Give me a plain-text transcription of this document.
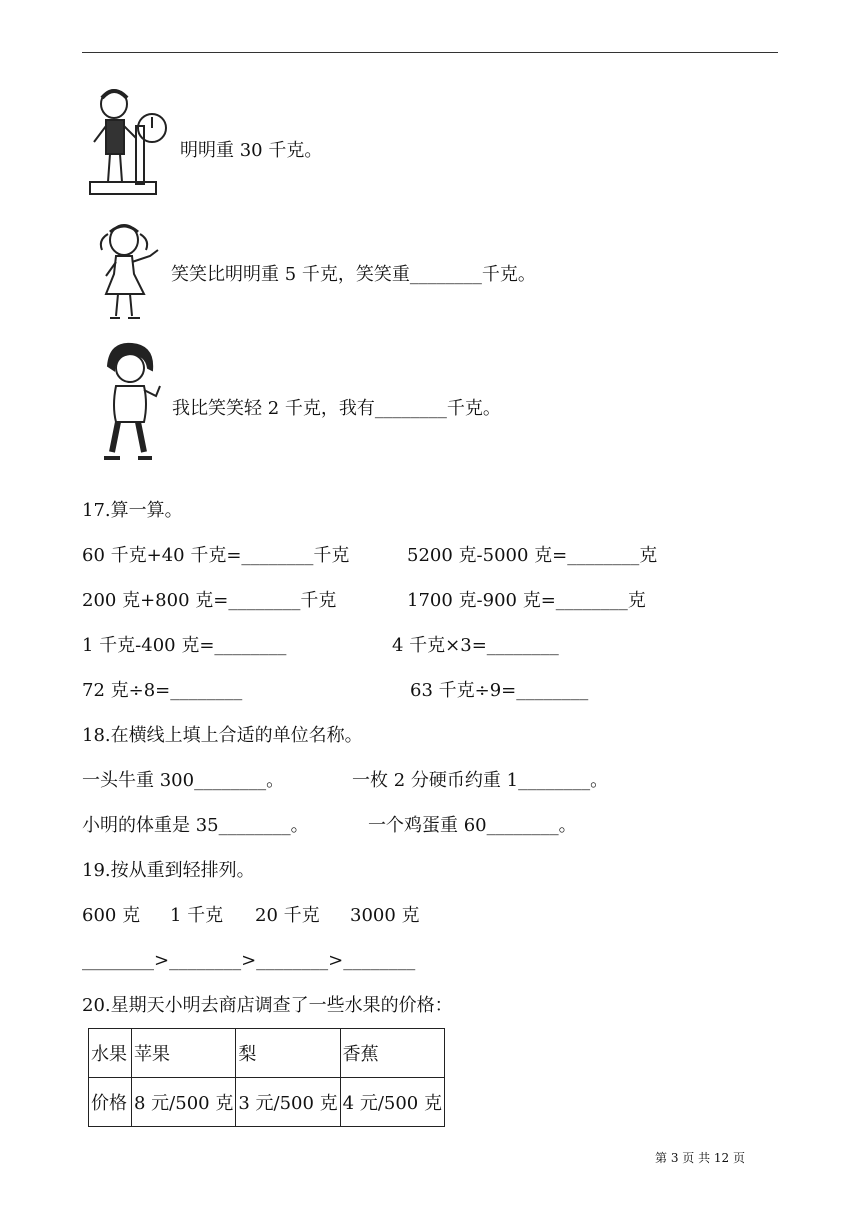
明明重 30 千克。
笑笑比明明重 5 千克，笑笑重________千克。
我比笑笑轻 2 千克，我有________千克。
17.算一算。
60 千克+40 千克=________千克	5200 克-5000 克=________克
200 克+800 克=________千克	1700 克-900 克=________克
1 千克-400 克=________	4 千克×3=________
72 克÷8=________	63 千克÷9=________
18.在横线上填上合适的单位名称。
一头牛重 300________。	一枚 2 分硬币约重 1________。
小明的体重是 35________。	一个鸡蛋重 60________。
19.按从重到轻排列。
600 克 1 千克 20 千克 3000 克
________>________>________>________
20.星期天小明去商店调查了一些水果的价格：
水果	苹果	梨	香蕉
价格	8 元/500 克	3 元/500 克	4 元/500 克
第 3 页 共 12 页
